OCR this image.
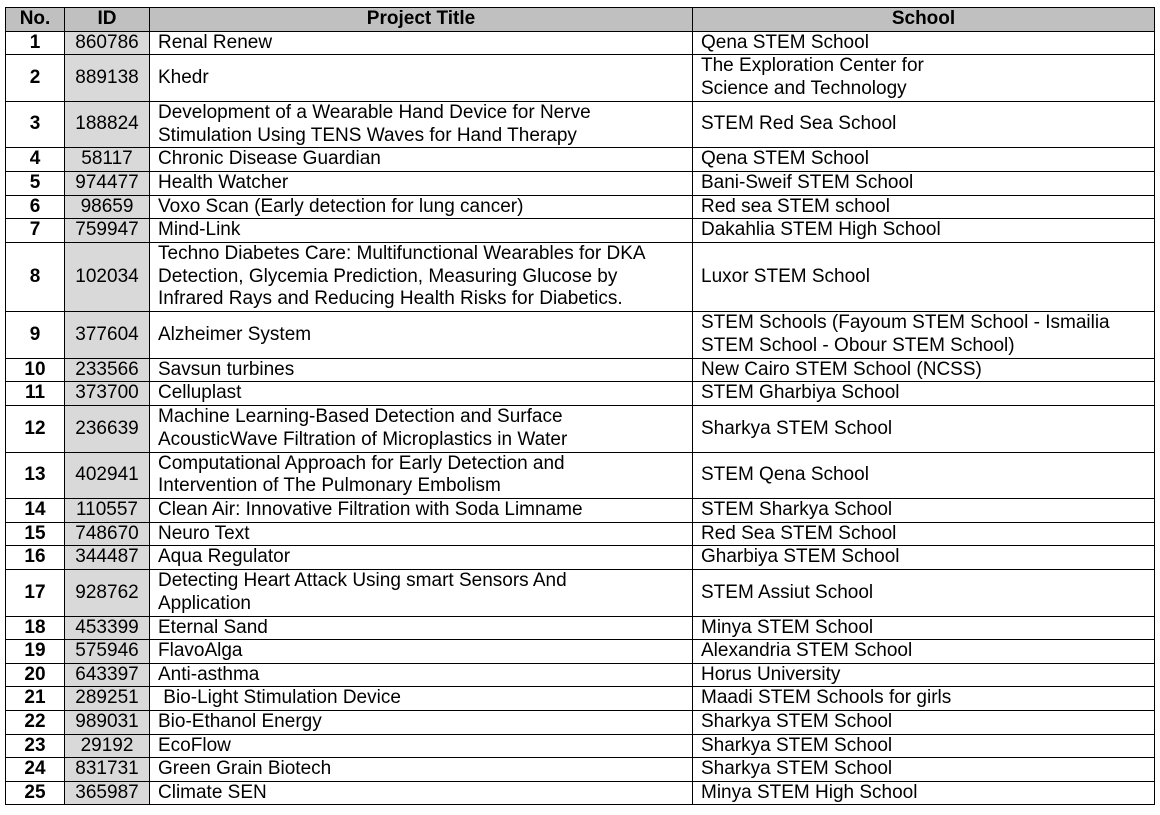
No.	ID	Project Title	School
1	860786	Renal Renew	Qena STEM School
2	889138	Khedr	The Exploration Center for
Science and Technology
3	188824	Development of a Wearable Hand Device for Nerve
Stimulation Using TENS Waves for Hand Therapy	STEM Red Sea School
4	58117	Chronic Disease Guardian	Qena STEM School
5	974477	Health Watcher	Bani-Sweif STEM School
6	98659	Voxo Scan (Early detection for lung cancer)	Red sea STEM school
7	759947	Mind-Link	Dakahlia STEM High School
8	102034	Techno Diabetes Care: Multifunctional Wearables for DKA
Detection, Glycemia Prediction, Measuring Glucose by
Infrared Rays and Reducing Health Risks for Diabetics.	Luxor STEM School
9	377604	Alzheimer System	STEM Schools (Fayoum STEM School - Ismailia
STEM School - Obour STEM School)
10	233566	Savsun turbines	New Cairo STEM School (NCSS)
11	373700	Celluplast	STEM Gharbiya School
12	236639	Machine Learning-Based Detection and Surface
AcousticWave Filtration of Microplastics in Water	Sharkya STEM School
13	402941	Computational Approach for Early Detection and
Intervention of The Pulmonary Embolism	STEM Qena School
14	110557	Clean Air: Innovative Filtration with Soda Limname	STEM Sharkya School
15	748670	Neuro Text	Red Sea STEM School
16	344487	Aqua Regulator	Gharbiya STEM School
17	928762	Detecting Heart Attack Using smart Sensors And
Application	STEM Assiut School
18	453399	Eternal Sand	Minya STEM School
19	575946	FlavoAlga	Alexandria STEM School
20	643397	Anti-asthma	Horus University
21	289251	Bio-Light Stimulation Device	Maadi STEM Schools for girls
22	989031	Bio-Ethanol Energy	Sharkya STEM School
23	29192	EcoFlow	Sharkya STEM School
24	831731	Green Grain Biotech	Sharkya STEM School
25	365987	Climate SEN	Minya STEM High School
